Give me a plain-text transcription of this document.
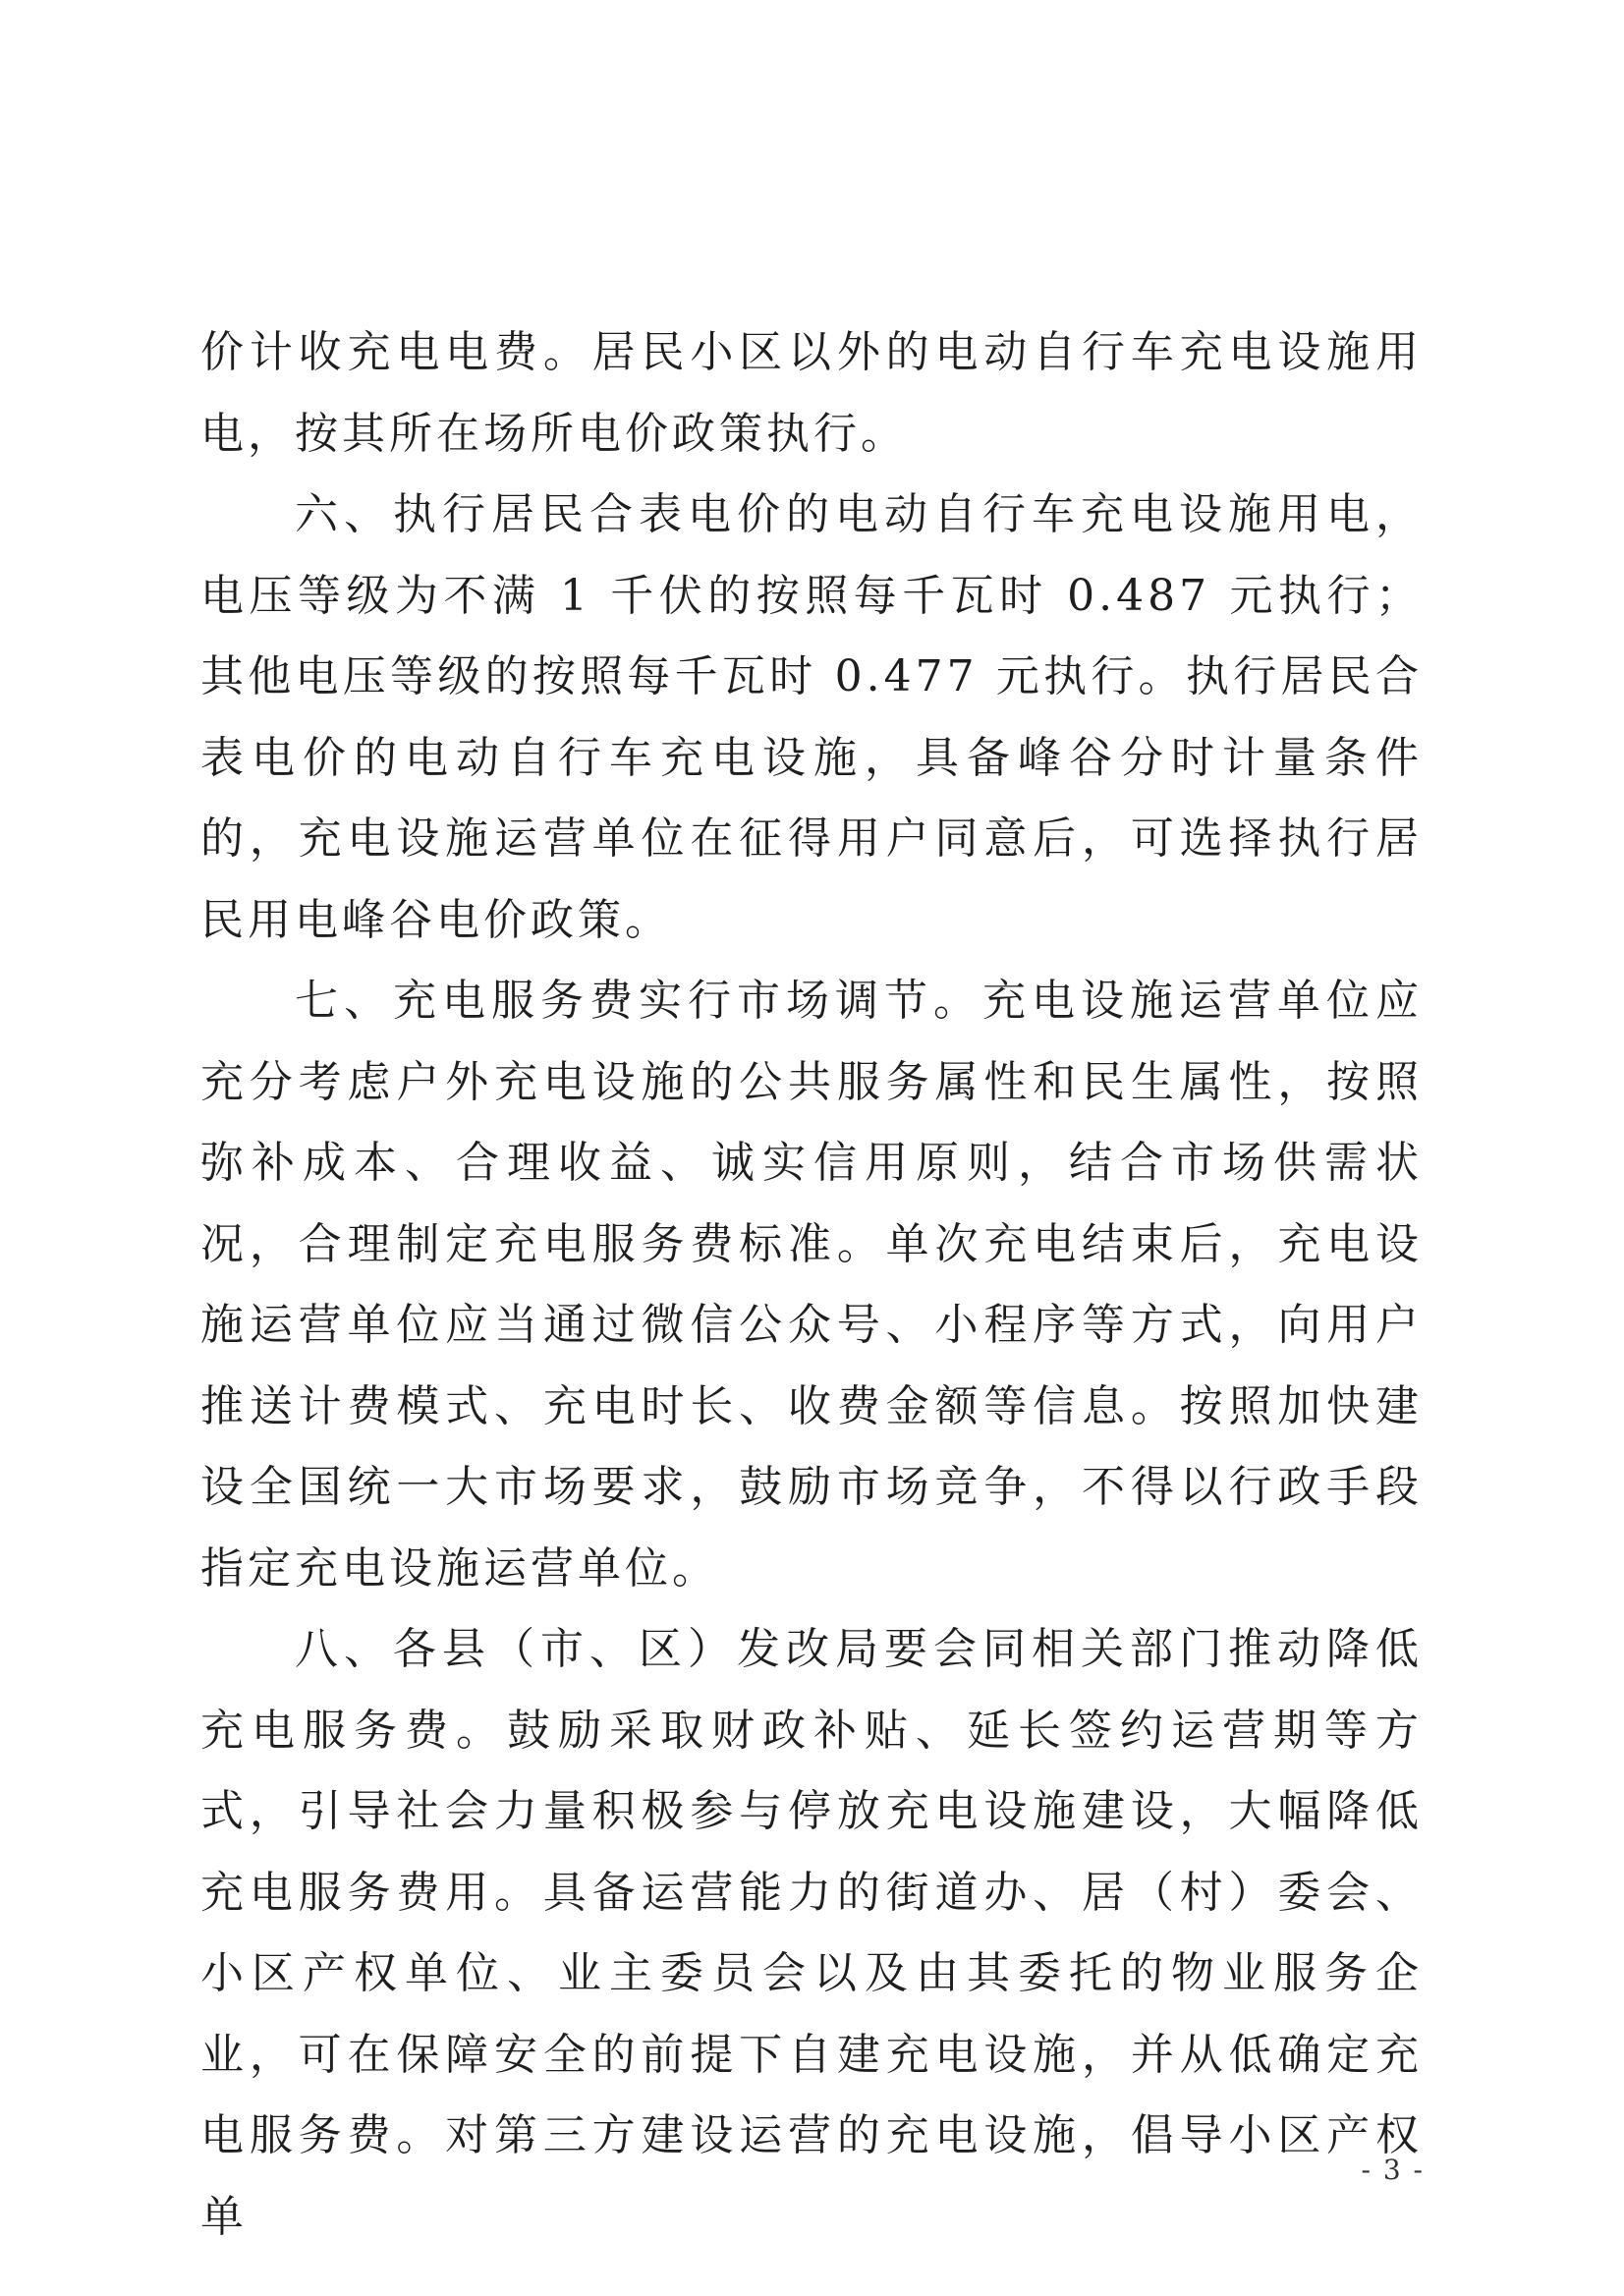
价计收充电电费。居民小区以外的电动自行车充电设施用电，按其所在场所电价政策执行。

六、执行居民合表电价的电动自行车充电设施用电，电压等级为不满 1 千伏的按照每千瓦时 0.487 元执行；其他电压等级的按照每千瓦时 0.477 元执行。执行居民合表电价的电动自行车充电设施，具备峰谷分时计量条件的，充电设施运营单位在征得用户同意后，可选择执行居民用电峰谷电价政策。

七、充电服务费实行市场调节。充电设施运营单位应充分考虑户外充电设施的公共服务属性和民生属性，按照弥补成本、合理收益、诚实信用原则，结合市场供需状况，合理制定充电服务费标准。单次充电结束后，充电设施运营单位应当通过微信公众号、小程序等方式，向用户推送计费模式、充电时长、收费金额等信息。按照加快建设全国统一大市场要求，鼓励市场竞争，不得以行政手段指定充电设施运营单位。

八、各县（市、区）发改局要会同相关部门推动降低充电服务费。鼓励采取财政补贴、延长签约运营期等方式，引导社会力量积极参与停放充电设施建设，大幅降低充电服务费用。具备运营能力的街道办、居（村）委会、小区产权单位、业主委员会以及由其委托的物业服务企业，可在保障安全的前提下自建充电设施，并从低确定充电服务费。对第三方建设运营的充电设施，倡导小区产权单

- 3 -
